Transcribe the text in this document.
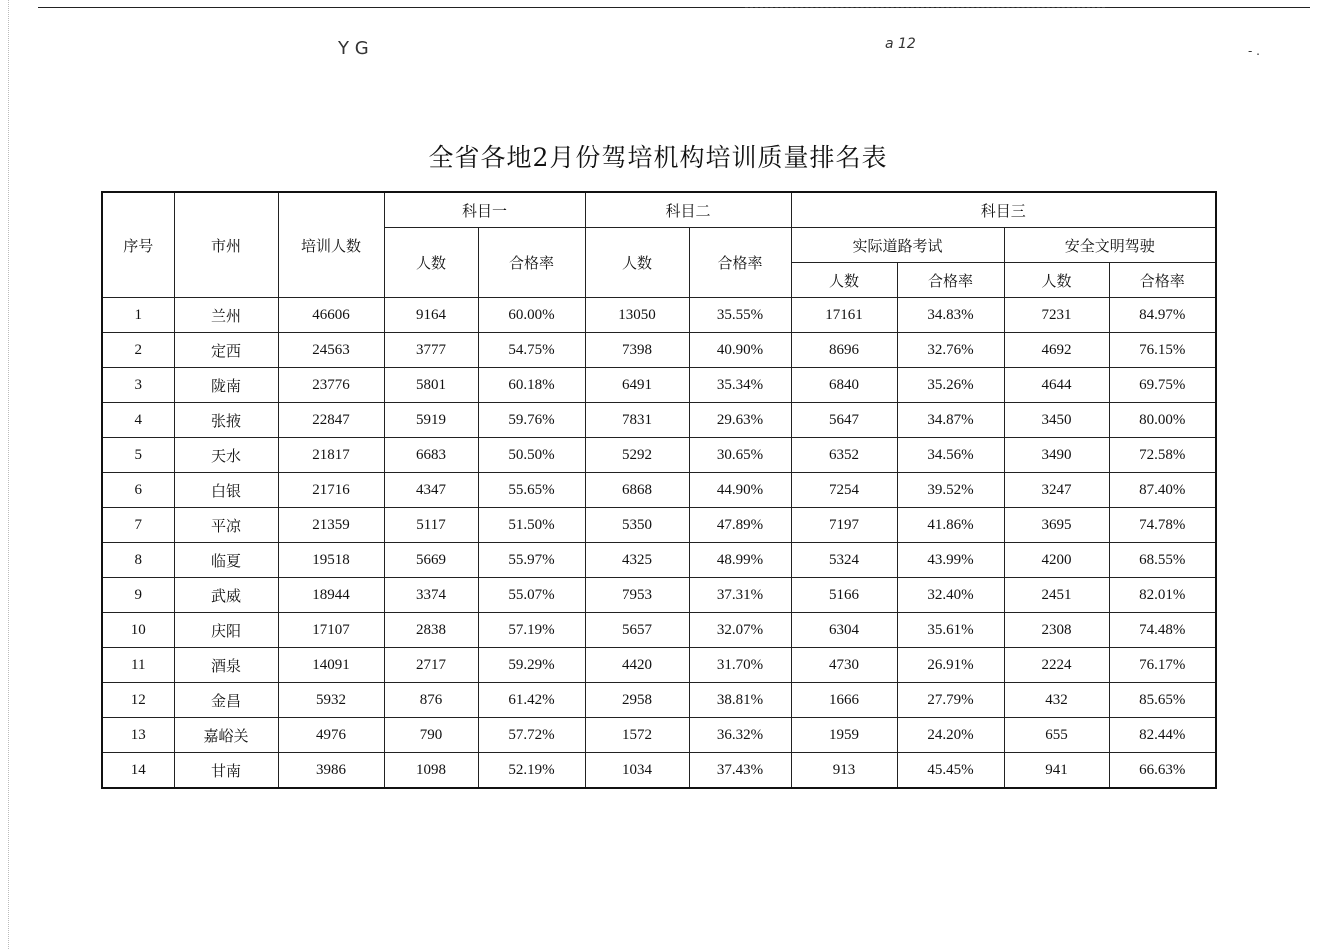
Y G	a 12	- .
全省各地2月份驾培机构培训质量排名表
序号	市州	培训人数	科目一		科目二		科目三			
			人数	合格率	人数	合格率	实际道路考试		安全文明驾驶	
							人数	合格率	人数	合格率
1	兰州	46606	9164	60.00%	13050	35.55%	17161	34.83%	7231	84.97%
2	定西	24563	3777	54.75%	7398	40.90%	8696	32.76%	4692	76.15%
3	陇南	23776	5801	60.18%	6491	35.34%	6840	35.26%	4644	69.75%
4	张掖	22847	5919	59.76%	7831	29.63%	5647	34.87%	3450	80.00%
5	天水	21817	6683	50.50%	5292	30.65%	6352	34.56%	3490	72.58%
6	白银	21716	4347	55.65%	6868	44.90%	7254	39.52%	3247	87.40%
7	平凉	21359	5117	51.50%	5350	47.89%	7197	41.86%	3695	74.78%
8	临夏	19518	5669	55.97%	4325	48.99%	5324	43.99%	4200	68.55%
9	武威	18944	3374	55.07%	7953	37.31%	5166	32.40%	2451	82.01%
10	庆阳	17107	2838	57.19%	5657	32.07%	6304	35.61%	2308	74.48%
11	酒泉	14091	2717	59.29%	4420	31.70%	4730	26.91%	2224	76.17%
12	金昌	5932	876	61.42%	2958	38.81%	1666	27.79%	432	85.65%
13	嘉峪关	4976	790	57.72%	1572	36.32%	1959	24.20%	655	82.44%
14	甘南	3986	1098	52.19%	1034	37.43%	913	45.45%	941	66.63%
